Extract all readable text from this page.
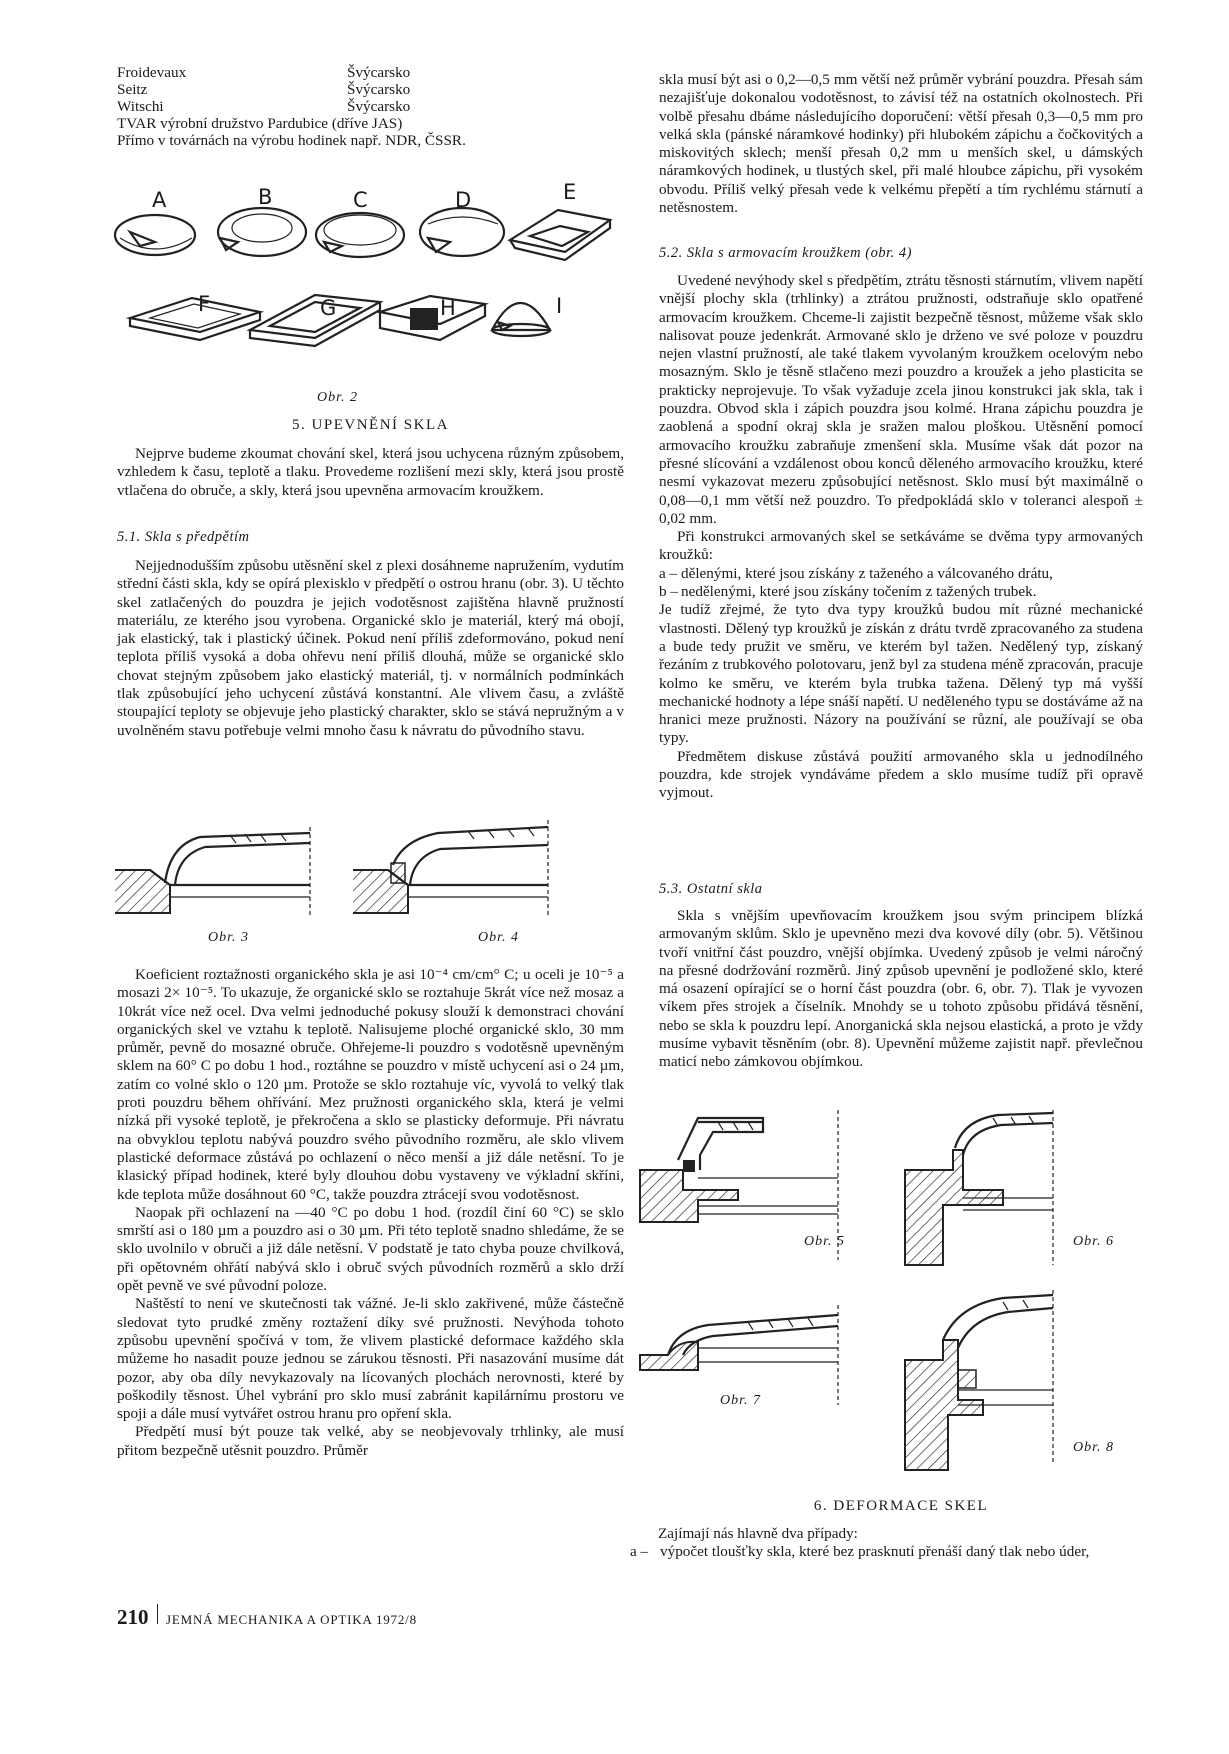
Froidevaux	Švýcarsko
Seitz	Švýcarsko
Witschi	Švýcarsko
TVAR výrobní družstvo Pardubice (dříve JAS)
Přímo v továrnách na výrobu hodinek např. NDR, ČSSR.
A	B	C	D	E
F	G	H	I
Obr. 2
5. UPEVNĚNÍ SKLA

Nejprve budeme zkoumat chování skel, která jsou uchycena různým způsobem, vzhledem k času, teplotě a tlaku. Provedeme rozlišení mezi skly, která jsou prostě vtlačena do obruče, a skly, která jsou upevněna armovacím kroužkem.

5.1. Skla s předpětím

Nejjednodušším způsobu utěsnění skel z plexi dosáhneme napružením, vydutím střední části skla, kdy se opírá plexisklo v předpětí o ostrou hranu (obr. 3). U těchto skel zatlačených do pouzdra je jejich vodotěsnost zajištěna hlavně pružností materiálu, ze kterého jsou vyrobena. Organické sklo je materiál, který má obojí, jak elastický, tak i plastický účinek. Pokud není příliš zdeformováno, pokud není teplota příliš vysoká a doba ohřevu není příliš dlouhá, může se organické sklo chovat stejným způsobem jako elastický materiál, tj. v normálních podmínkách tlak způsobující jeho uchycení zůstává konstantní. Ale vlivem času, a zvláště stoupající teploty se objevuje jeho plastický charakter, sklo se stává nepružným a v uvolněném stavu potřebuje velmi mnoho času k návratu do původního stavu.

Obr. 3	Obr. 4

Koeficient roztažnosti organického skla je asi 10⁻⁴ cm/cm° C; u oceli je 10⁻⁵ a mosazi 2× 10⁻⁵. To ukazuje, že organické sklo se roztahuje 5krát více než mosaz a 10krát více než ocel. Dva velmi jednoduché pokusy slouží k demonstraci chování organických skel ve vztahu k teplotě. Nalisujeme ploché organické sklo, 30 mm průměr, pevně do mosazné obruče. Ohřejeme-li pouzdro s vodotěsně upevněným sklem na 60° C po dobu 1 hod., roztáhne se pouzdro v místě uchycení asi o 24 µm, zatím co volné sklo o 120 µm. Protože se sklo roztahuje víc, vyvolá to velký tlak proti pouzdru během ohřívání. Mez pružnosti organického skla, která je velmi nízká při vysoké teplotě, je překročena a sklo se plasticky deformuje. Při návratu na obvyklou teplotu nabývá pouzdro svého původního rozměru, ale sklo vlivem plastické deformace zůstává po ochlazení o něco menší a již dále netěsní. To je klasický případ hodinek, které byly dlouhou dobu vystaveny ve výkladní skříni, kde teplota může dosáhnout 60 °C, takže pouzdra ztrácejí svou vodotěsnost.

Naopak při ochlazení na —40 °C po dobu 1 hod. (rozdíl činí 60 °C) se sklo smrští asi o 180 µm a pouzdro asi o 30 µm. Při této teplotě snadno shledáme, že se sklo uvolnilo v obruči a již dále netěsní. V podstatě je tato chyba pouze chvilková, při opětovném ohřátí nabývá sklo i obruč svých původních rozměrů a sklo drží opět pevně ve své původní poloze.

Naštěstí to není ve skutečnosti tak vážné. Je-li sklo zakřivené, může částečně sledovat tyto prudké změny roztažení díky své pružnosti. Nevýhoda tohoto způsobu upevnění spočívá v tom, že vlivem plastické deformace každého skla můžeme ho nasadit pouze jednou se zárukou těsnosti. Při nasazování musíme dát pozor, aby oba díly nevykazovaly na lícovaných plochách nerovnosti, které by poškodily těsnost. Úhel vybrání pro sklo musí zabránit kapilárnímu prostoru ve spoji a dále musí vytvářet ostrou hranu pro opření skla.

Předpětí musí být pouze tak velké, aby se neobjevovaly trhlinky, ale musí přitom bezpečně utěsnit pouzdro. Průměr

skla musí být asi o 0,2—0,5 mm větší než průměr vybrání pouzdra. Přesah sám nezajišťuje dokonalou vodotěsnost, to závisí též na ostatních okolnostech. Při volbě přesahu dbáme následujícího doporučení: větší přesah 0,3—0,5 mm pro velká skla (pánské náramkové hodinky) při hlubokém zápichu a čočkovitých a miskovitých sklech; menší přesah 0,2 mm u menších skel, u dámských náramkových hodinek, u tlustých skel, při malé hloubce zápichu, při vysokém obvodu. Příliš velký přesah vede k velkému přepětí a tím rychlému stárnutí a netěsnostem.

5.2. Skla s armovacím kroužkem (obr. 4)

Uvedené nevýhody skel s předpětím, ztrátu těsnosti stárnutím, vlivem napětí vnější plochy skla (trhlinky) a ztrátou pružnosti, odstraňuje sklo opatřené armovacím kroužkem. Chceme-li zajistit bezpečně těsnost, můžeme však sklo nalisovat pouze jedenkrát. Armované sklo je drženo ve své poloze v pouzdru nejen vlastní pružností, ale také tlakem vyvolaným kroužkem ocelovým nebo mosazným. Sklo je těsně stlačeno mezi pouzdro a kroužek a jeho plasticita se prakticky neprojevuje. To však vyžaduje zcela jinou konstrukci jak skla, tak i pouzdra. Obvod skla i zápich pouzdra jsou kolmé. Hrana zápichu pouzdra je zaoblená a spodní okraj skla je sražen malou ploškou. Utěsnění pomocí armovacího kroužku zabraňuje zmenšení skla. Musíme však dát pozor na přesné slícování a vzdálenost obou konců děleného armovacího kroužku, které nesmí vykazovat mezeru způsobující netěsnost. Sklo musí být maximálně o 0,08—0,1 mm větší než pouzdro. To předpokládá sklo v toleranci alespoň ± 0,02 mm.

Při konstrukci armovaných skel se setkáváme se dvěma typy armovaných kroužků:

a – dělenými, které jsou získány z taženého a válcovaného drátu,
b – nedělenými, které jsou získány točením z tažených trubek.

Je tudíž zřejmé, že tyto dva typy kroužků budou mít různé mechanické vlastnosti. Dělený typ kroužků je získán z drátu tvrdě zpracovaného za studena a bude tedy pružit ve směru, ve kterém byl tažen. Nedělený typ, získaný řezáním z trubkového polotovaru, jenž byl za studena méně zpracován, pracuje kolmo ke směru, ve kterém byla trubka tažena. Dělený typ má vyšší mechanické hodnoty a lépe snáší napětí. U neděleného typu se dostáváme až na hranici meze pružnosti. Názory na používání se různí, ale používají se oba typy.

Předmětem diskuse zůstává použití armovaného skla u jednodílného pouzdra, kde strojek vyndáváme předem a sklo musíme tudíž při opravě vyjmout.

5.3. Ostatní skla

Skla s vnějším upevňovacím kroužkem jsou svým principem blízká armovaným sklům. Sklo je upevněno mezi dva kovové díly (obr. 5). Většinou tvoří vnitřní část pouzdro, vnější objímka. Uvedený způsob je velmi náročný na přesné dodržování rozměrů. Jiný způsob upevnění je podložené sklo, které má osazení opírající se o horní část pouzdra (obr. 6, obr. 7). Tlak je vyvozen víkem přes strojek a číselník. Mnohdy se u tohoto způsobu přidává těsnění, nebo se skla k pouzdru lepí. Anorganická skla nejsou elastická, a proto je vždy musíme vybavit těsněním (obr. 8). Upevnění můžeme zajistit např. převlečnou maticí nebo zámkovou objímkou.

Obr. 5	Obr. 6
Obr. 7
Obr. 8
6. DEFORMACE SKEL

Zajímají nás hlavně dva případy:

a – výpočet tloušťky skla, které bez prasknutí přenáší daný tlak nebo úder,
210 JEMNÁ MECHANIKA A OPTIKA 1972/8
